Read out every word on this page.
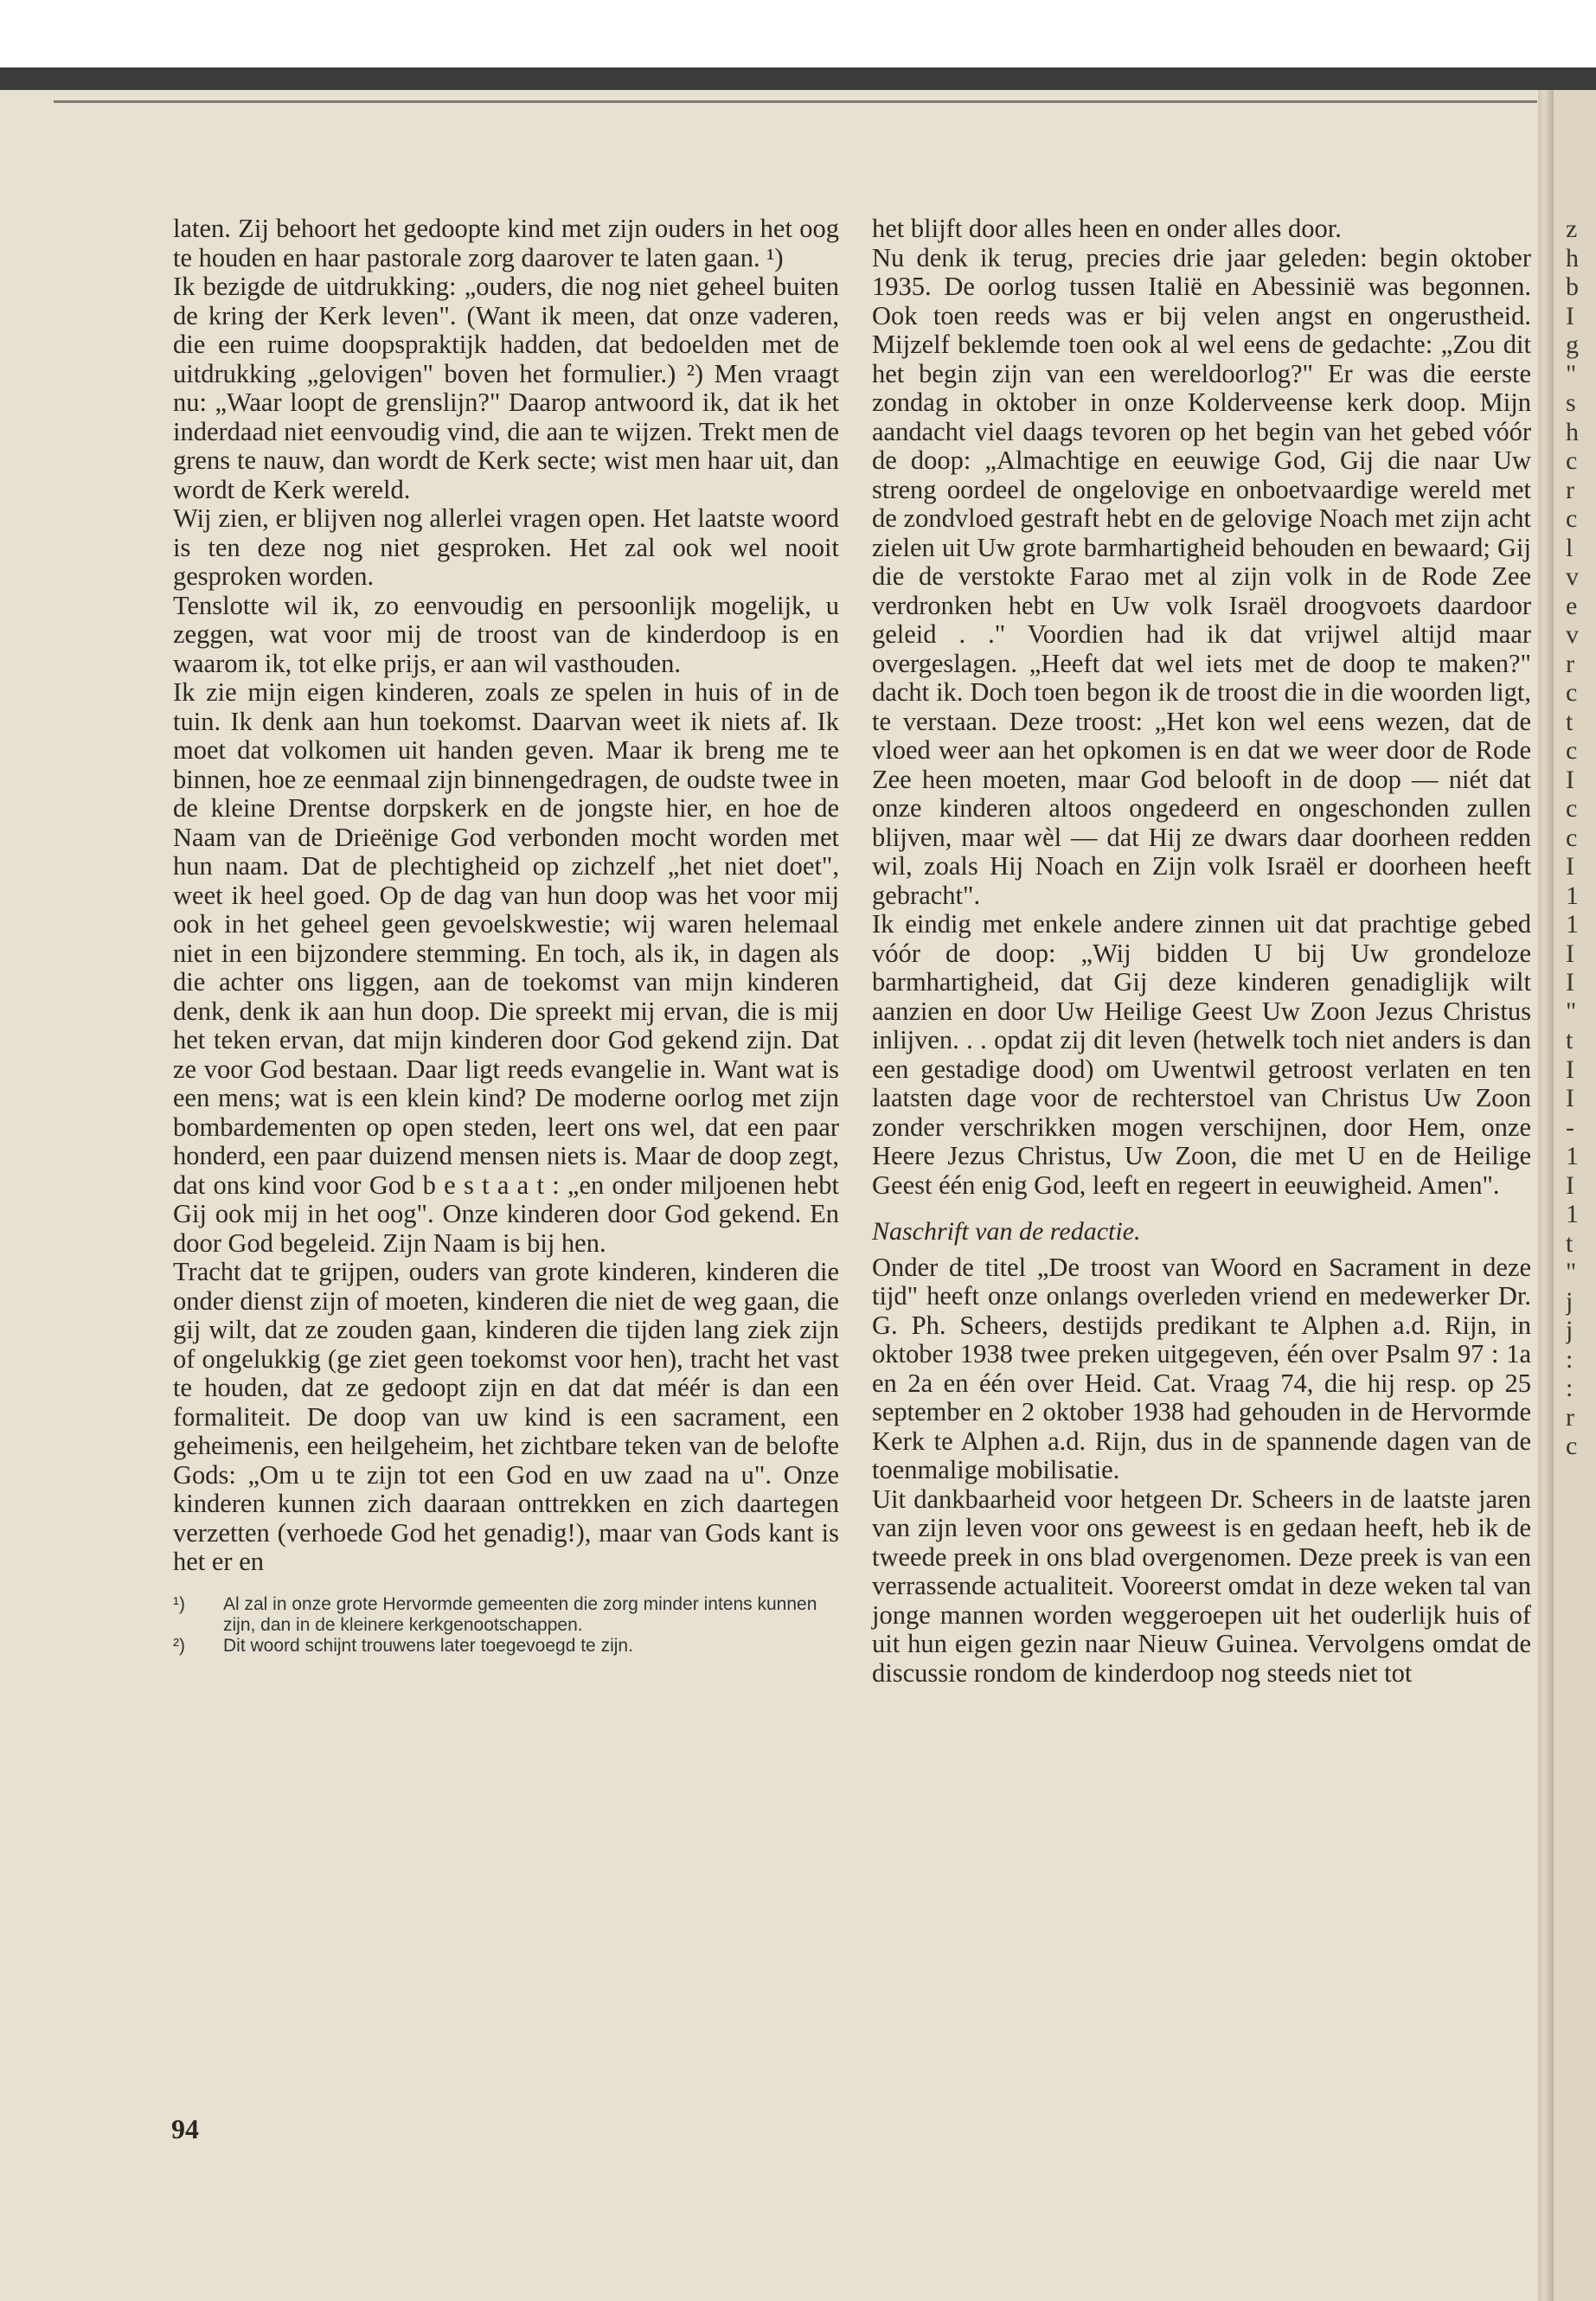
z
h
b
I
g
"
s
h
c
r
c
l
v
e
v
r
c
t
c
I
c
c
I
1
1
I
I
"
t
I
I
-
1
I
1
t
"
j
j
:
:
r
c

laten. Zij behoort het gedoopte kind met zijn ouders in het oog te houden en haar pastorale zorg daarover te laten gaan. ¹)

Ik bezigde de uitdrukking: „ouders, die nog niet geheel buiten de kring der Kerk leven". (Want ik meen, dat onze vaderen, die een ruime doopspraktijk hadden, dat bedoelden met de uitdrukking „gelovigen" boven het formulier.) ²) Men vraagt nu: „Waar loopt de grenslijn?" Daarop antwoord ik, dat ik het inderdaad niet eenvoudig vind, die aan te wijzen. Trekt men de grens te nauw, dan wordt de Kerk secte; wist men haar uit, dan wordt de Kerk wereld.

Wij zien, er blijven nog allerlei vragen open. Het laatste woord is ten deze nog niet gesproken. Het zal ook wel nooit gesproken worden.

Tenslotte wil ik, zo eenvoudig en persoonlijk mogelijk, u zeggen, wat voor mij de troost van de kinderdoop is en waarom ik, tot elke prijs, er aan wil vasthouden.

Ik zie mijn eigen kinderen, zoals ze spelen in huis of in de tuin. Ik denk aan hun toekomst. Daarvan weet ik niets af. Ik moet dat volkomen uit handen geven. Maar ik breng me te binnen, hoe ze eenmaal zijn binnengedragen, de oudste twee in de kleine Drentse dorpskerk en de jongste hier, en hoe de Naam van de Drieënige God verbonden mocht worden met hun naam. Dat de plechtigheid op zichzelf „het niet doet", weet ik heel goed. Op de dag van hun doop was het voor mij ook in het geheel geen gevoelskwestie; wij waren helemaal niet in een bijzondere stemming. En toch, als ik, in dagen als die achter ons liggen, aan de toekomst van mijn kinderen denk, denk ik aan hun doop. Die spreekt mij ervan, die is mij het teken ervan, dat mijn kinderen door God gekend zijn. Dat ze voor God bestaan. Daar ligt reeds evangelie in. Want wat is een mens; wat is een klein kind? De moderne oorlog met zijn bombardementen op open steden, leert ons wel, dat een paar honderd, een paar duizend mensen niets is. Maar de doop zegt, dat ons kind voor God b e s t a a t : „en onder miljoenen hebt Gij ook mij in het oog". Onze kinderen door God gekend. En door God begeleid. Zijn Naam is bij hen.

Tracht dat te grijpen, ouders van grote kinderen, kinderen die onder dienst zijn of moeten, kinderen die niet de weg gaan, die gij wilt, dat ze zouden gaan, kinderen die tijden lang ziek zijn of ongelukkig (ge ziet geen toekomst voor hen), tracht het vast te houden, dat ze gedoopt zijn en dat dat méér is dan een formaliteit. De doop van uw kind is een sacrament, een geheimenis, een heilgeheim, het zichtbare teken van de belofte Gods: „Om u te zijn tot een God en uw zaad na u". Onze kinderen kunnen zich daaraan onttrekken en zich daartegen verzetten (verhoede God het genadig!), maar van Gods kant is het er en

¹)	Al zal in onze grote Hervormde gemeenten die zorg minder intens kunnen zijn, dan in de kleinere kerkgenootschappen.
²)	Dit woord schijnt trouwens later toegevoegd te zijn.
94

het blijft door alles heen en onder alles door.

Nu denk ik terug, precies drie jaar geleden: begin oktober 1935. De oorlog tussen Italië en Abessinië was begonnen. Ook toen reeds was er bij velen angst en ongerustheid. Mijzelf beklemde toen ook al wel eens de gedachte: „Zou dit het begin zijn van een wereldoorlog?" Er was die eerste zondag in oktober in onze Kolderveense kerk doop. Mijn aandacht viel daags tevoren op het begin van het gebed vóór de doop: „Almachtige en eeuwige God, Gij die naar Uw streng oordeel de ongelovige en onboetvaardige wereld met de zondvloed gestraft hebt en de gelovige Noach met zijn acht zielen uit Uw grote barmhartigheid behouden en bewaard; Gij die de verstokte Farao met al zijn volk in de Rode Zee verdronken hebt en Uw volk Israël droogvoets daardoor geleid . ." Voordien had ik dat vrijwel altijd maar overgeslagen. „Heeft dat wel iets met de doop te maken?" dacht ik. Doch toen begon ik de troost die in die woorden ligt, te verstaan. Deze troost: „Het kon wel eens wezen, dat de vloed weer aan het opkomen is en dat we weer door de Rode Zee heen moeten, maar God belooft in de doop — niét dat onze kinderen altoos ongedeerd en ongeschonden zullen blijven, maar wèl — dat Hij ze dwars daar doorheen redden wil, zoals Hij Noach en Zijn volk Israël er doorheen heeft gebracht".

Ik eindig met enkele andere zinnen uit dat prachtige gebed vóór de doop: „Wij bidden U bij Uw grondeloze barmhartigheid, dat Gij deze kinderen genadiglijk wilt aanzien en door Uw Heilige Geest Uw Zoon Jezus Christus inlijven. . . opdat zij dit leven (hetwelk toch niet anders is dan een gestadige dood) om Uwentwil getroost verlaten en ten laatsten dage voor de rechterstoel van Christus Uw Zoon zonder verschrikken mogen verschijnen, door Hem, onze Heere Jezus Christus, Uw Zoon, die met U en de Heilige Geest één enig God, leeft en regeert in eeuwigheid. Amen".

Naschrift van de redactie.

Onder de titel „De troost van Woord en Sacrament in deze tijd" heeft onze onlangs overleden vriend en medewerker Dr. G. Ph. Scheers, destijds predikant te Alphen a.d. Rijn, in oktober 1938 twee preken uitgegeven, één over Psalm 97 : 1a en 2a en één over Heid. Cat. Vraag 74, die hij resp. op 25 september en 2 oktober 1938 had gehouden in de Hervormde Kerk te Alphen a.d. Rijn, dus in de spannende dagen van de toenmalige mobilisatie.

Uit dankbaarheid voor hetgeen Dr. Scheers in de laatste jaren van zijn leven voor ons geweest is en gedaan heeft, heb ik de tweede preek in ons blad overgenomen. Deze preek is van een verrassende actualiteit. Vooreerst omdat in deze weken tal van jonge mannen worden weggeroepen uit het ouderlijk huis of uit hun eigen gezin naar Nieuw Guinea. Vervolgens omdat de discussie rondom de kinderdoop nog steeds niet tot
